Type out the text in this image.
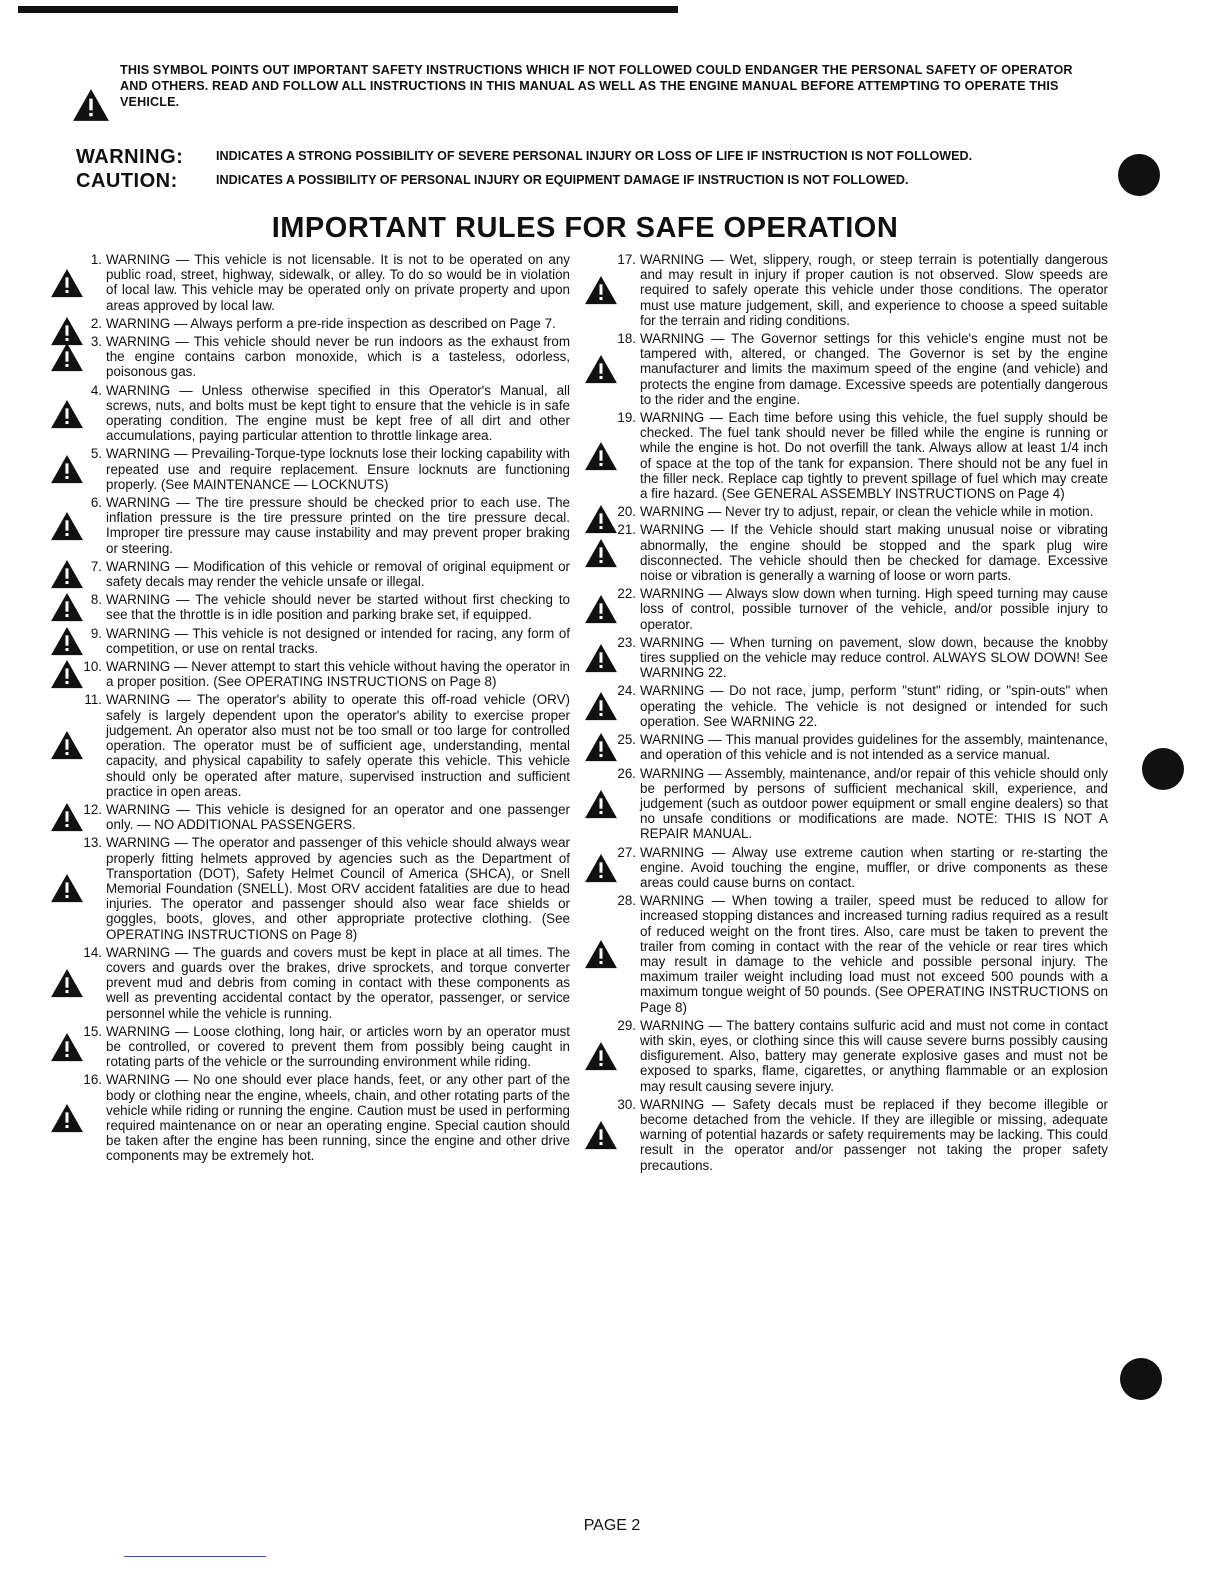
THIS SYMBOL POINTS OUT IMPORTANT SAFETY INSTRUCTIONS WHICH IF NOT FOLLOWED COULD ENDANGER THE PERSONAL SAFETY OF OPERATOR AND OTHERS. READ AND FOLLOW ALL INSTRUCTIONS IN THIS MANUAL AS WELL AS THE ENGINE MANUAL BEFORE ATTEMPTING TO OPERATE THIS VEHICLE.
WARNING:	INDICATES A STRONG POSSIBILITY OF SEVERE PERSONAL INJURY OR LOSS OF LIFE IF INSTRUCTION IS NOT FOLLOWED.
CAUTION:	INDICATES A POSSIBILITY OF PERSONAL INJURY OR EQUIPMENT DAMAGE IF INSTRUCTION IS NOT FOLLOWED.
IMPORTANT RULES FOR SAFE OPERATION
1. WARNING — This vehicle is not licensable. It is not to be operated on any public road, street, highway, sidewalk, or alley. To do so would be in violation of local law. This vehicle may be operated only on private property and upon areas approved by local law.
2. WARNING — Always perform a pre-ride inspection as described on Page 7.
3. WARNING — This vehicle should never be run indoors as the exhaust from the engine contains carbon monoxide, which is a tasteless, odorless, poisonous gas.
4. WARNING — Unless otherwise specified in this Operator's Manual, all screws, nuts, and bolts must be kept tight to ensure that the vehicle is in safe operating condition. The engine must be kept free of all dirt and other accumulations, paying particular attention to throttle linkage area.
5. WARNING — Prevailing-Torque-type locknuts lose their locking capability with repeated use and require replacement. Ensure locknuts are functioning properly. (See MAINTENANCE — LOCKNUTS)
6. WARNING — The tire pressure should be checked prior to each use. The inflation pressure is the tire pressure printed on the tire pressure decal. Improper tire pressure may cause instability and may prevent proper braking or steering.
7. WARNING — Modification of this vehicle or removal of original equipment or safety decals may render the vehicle unsafe or illegal.
8. WARNING — The vehicle should never be started without first checking to see that the throttle is in idle position and parking brake set, if equipped.
9. WARNING — This vehicle is not designed or intended for racing, any form of competition, or use on rental tracks.
10. WARNING — Never attempt to start this vehicle without having the operator in a proper position. (See OPERATING INSTRUCTIONS on Page 8)
11. WARNING — The operator's ability to operate this off-road vehicle (ORV) safely is largely dependent upon the operator's ability to exercise proper judgement. An operator also must not be too small or too large for controlled operation. The operator must be of sufficient age, understanding, mental capacity, and physical capability to safely operate this vehicle. This vehicle should only be operated after mature, supervised instruction and sufficient practice in open areas.
12. WARNING — This vehicle is designed for an operator and one passenger only. — NO ADDITIONAL PASSENGERS.
13. WARNING — The operator and passenger of this vehicle should always wear properly fitting helmets approved by agencies such as the Department of Transportation (DOT), Safety Helmet Council of America (SHCA), or Snell Memorial Foundation (SNELL). Most ORV accident fatalities are due to head injuries. The operator and passenger should also wear face shields or goggles, boots, gloves, and other appropriate protective clothing. (See OPERATING INSTRUCTIONS on Page 8)
14. WARNING — The guards and covers must be kept in place at all times. The covers and guards over the brakes, drive sprockets, and torque converter prevent mud and debris from coming in contact with these components as well as preventing accidental contact by the operator, passenger, or service personnel while the vehicle is running.
15. WARNING — Loose clothing, long hair, or articles worn by an operator must be controlled, or covered to prevent them from possibly being caught in rotating parts of the vehicle or the surrounding environment while riding.
16. WARNING — No one should ever place hands, feet, or any other part of the body or clothing near the engine, wheels, chain, and other rotating parts of the vehicle while riding or running the engine. Caution must be used in performing required maintenance on or near an operating engine. Special caution should be taken after the engine has been running, since the engine and other drive components may be extremely hot.
17. WARNING — Wet, slippery, rough, or steep terrain is potentially dangerous and may result in injury if proper caution is not observed. Slow speeds are required to safely operate this vehicle under those conditions. The operator must use mature judgement, skill, and experience to choose a speed suitable for the terrain and riding conditions.
18. WARNING — The Governor settings for this vehicle's engine must not be tampered with, altered, or changed. The Governor is set by the engine manufacturer and limits the maximum speed of the engine (and vehicle) and protects the engine from damage. Excessive speeds are potentially dangerous to the rider and the engine.
19. WARNING — Each time before using this vehicle, the fuel supply should be checked. The fuel tank should never be filled while the engine is running or while the engine is hot. Do not overfill the tank. Always allow at least 1/4 inch of space at the top of the tank for expansion. There should not be any fuel in the filler neck. Replace cap tightly to prevent spillage of fuel which may create a fire hazard. (See GENERAL ASSEMBLY INSTRUCTIONS on Page 4)
20. WARNING — Never try to adjust, repair, or clean the vehicle while in motion.
21. WARNING — If the Vehicle should start making unusual noise or vibrating abnormally, the engine should be stopped and the spark plug wire disconnected. The vehicle should then be checked for damage. Excessive noise or vibration is generally a warning of loose or worn parts.
22. WARNING — Always slow down when turning. High speed turning may cause loss of control, possible turnover of the vehicle, and/or possible injury to operator.
23. WARNING — When turning on pavement, slow down, because the knobby tires supplied on the vehicle may reduce control. ALWAYS SLOW DOWN! See WARNING 22.
24. WARNING — Do not race, jump, perform "stunt" riding, or "spin-outs" when operating the vehicle. The vehicle is not designed or intended for such operation. See WARNING 22.
25. WARNING — This manual provides guidelines for the assembly, maintenance, and operation of this vehicle and is not intended as a service manual.
26. WARNING — Assembly, maintenance, and/or repair of this vehicle should only be performed by persons of sufficient mechanical skill, experience, and judgement (such as outdoor power equipment or small engine dealers) so that no unsafe conditions or modifications are made. NOTE: THIS IS NOT A REPAIR MANUAL.
27. WARNING — Alway use extreme caution when starting or re-starting the engine. Avoid touching the engine, muffler, or drive components as these areas could cause burns on contact.
28. WARNING — When towing a trailer, speed must be reduced to allow for increased stopping distances and increased turning radius required as a result of reduced weight on the front tires. Also, care must be taken to prevent the trailer from coming in contact with the rear of the vehicle or rear tires which may result in damage to the vehicle and possible personal injury. The maximum trailer weight including load must not exceed 500 pounds with a maximum tongue weight of 50 pounds. (See OPERATING INSTRUCTIONS on Page 8)
29. WARNING — The battery contains sulfuric acid and must not come in contact with skin, eyes, or clothing since this will cause severe burns possibly causing disfigurement. Also, battery may generate explosive gases and must not be exposed to sparks, flame, cigarettes, or anything flammable or an explosion may result causing severe injury.
30. WARNING — Safety decals must be replaced if they become illegible or become detached from the vehicle. If they are illegible or missing, adequate warning of potential hazards or safety requirements may be lacking. This could result in the operator and/or passenger not taking the proper safety precautions.
PAGE 2
